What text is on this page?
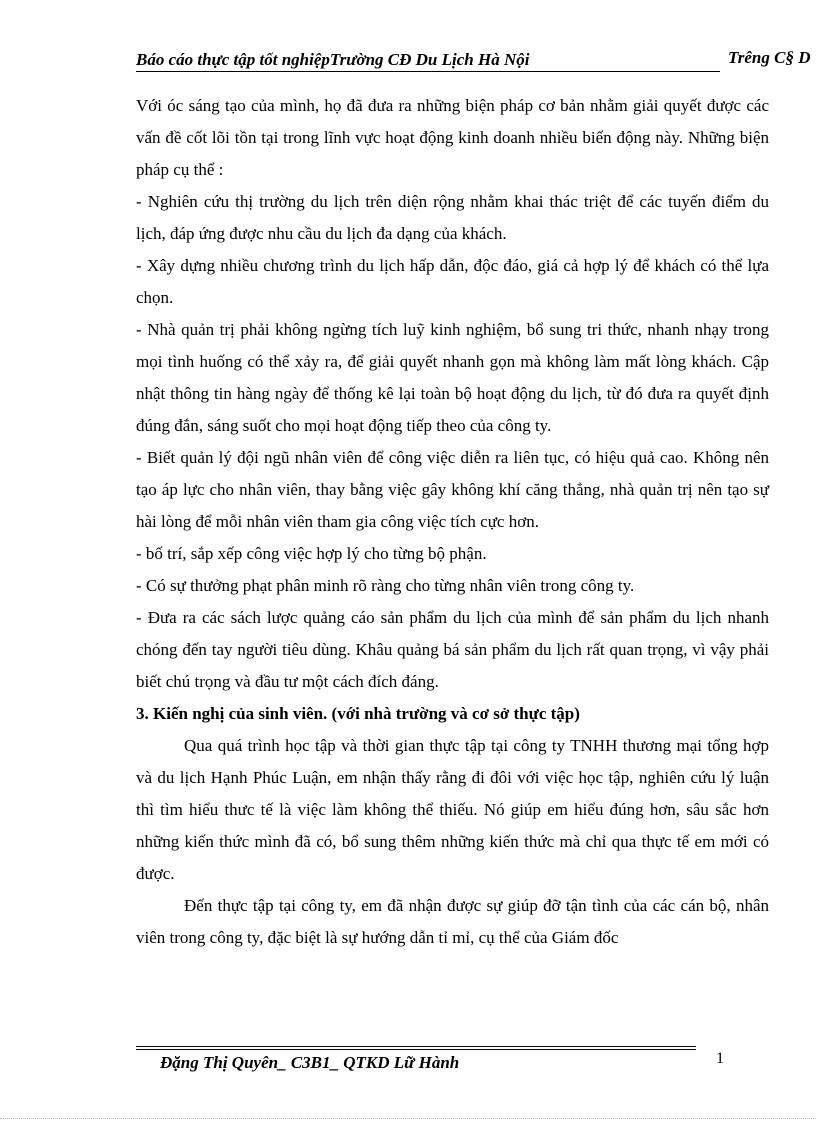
Báo cáo thực tập tốt nghiệpTrường CĐ Du Lịch Hà Nội	Trêng C§ D

Với óc sáng tạo của mình, họ đã đưa ra những biện pháp cơ bản nhằm giải quyết được các vấn đề cốt lõi tồn tại trong lĩnh vực hoạt động kinh doanh nhiều biến động này. Những biện pháp cụ thể :

- Nghiên cứu thị trường du lịch trên diện rộng nhằm khai thác triệt để các tuyến điểm du lịch, đáp ứng được nhu cầu du lịch đa dạng của khách.

- Xây dựng nhiều chương trình du lịch hấp dẫn, độc đáo, giá cả hợp lý để khách có thể lựa chọn.

- Nhà quản trị phải không ngừng tích luỹ kinh nghiệm, bổ sung tri thức, nhanh nhạy trong mọi tình huống có thể xảy ra, để giải quyết nhanh gọn mà không làm mất lòng khách. Cập nhật thông tin hàng ngày để thống kê lại toàn bộ hoạt động du lịch, từ đó đưa ra quyết định đúng đắn, sáng suốt cho mọi hoạt động tiếp theo của công ty.

- Biết quản lý đội ngũ nhân viên để công việc diễn ra liên tục, có hiệu quả cao. Không nên tạo áp lực cho nhân viên, thay bằng việc gây không khí căng thẳng, nhà quản trị nên tạo sự hài lòng để mỗi nhân viên tham gia công việc tích cực hơn.

- bố trí, sắp xếp công việc hợp lý cho từng bộ phận.

- Có sự thưởng phạt phân minh rõ ràng cho từng nhân viên trong công ty.

- Đưa ra các sách lược quảng cáo sản phẩm du lịch của mình để sản phẩm du lịch nhanh chóng đến tay người tiêu dùng. Khâu quảng bá sản phẩm du lịch rất quan trọng, vì vậy phải biết chú trọng và đầu tư một cách đích đáng.

3. Kiến nghị của sinh viên. (với nhà trường và cơ sở thực tập)

Qua quá trình học tập và thời gian thực tập tại công ty TNHH thương mại tổng hợp và du lịch Hạnh Phúc Luận, em nhận thấy rằng đi đôi với việc học tập, nghiên cứu lý luận thì tìm hiểu thưc tế là việc làm không thể thiếu. Nó giúp em hiểu đúng hơn, sâu sắc hơn những kiến thức mình đã có, bổ sung thêm những kiến thức mà chỉ qua thực tế em mới có được.

Đến thực tập tại công ty, em đã nhận được sự giúp đỡ tận tình của các cán bộ, nhân viên trong công ty, đặc biệt là sự hướng dẫn tỉ mỉ, cụ thể của Giám đốc

Đặng Thị Quyên_ C3B1_ QTKD Lữ Hành	1
